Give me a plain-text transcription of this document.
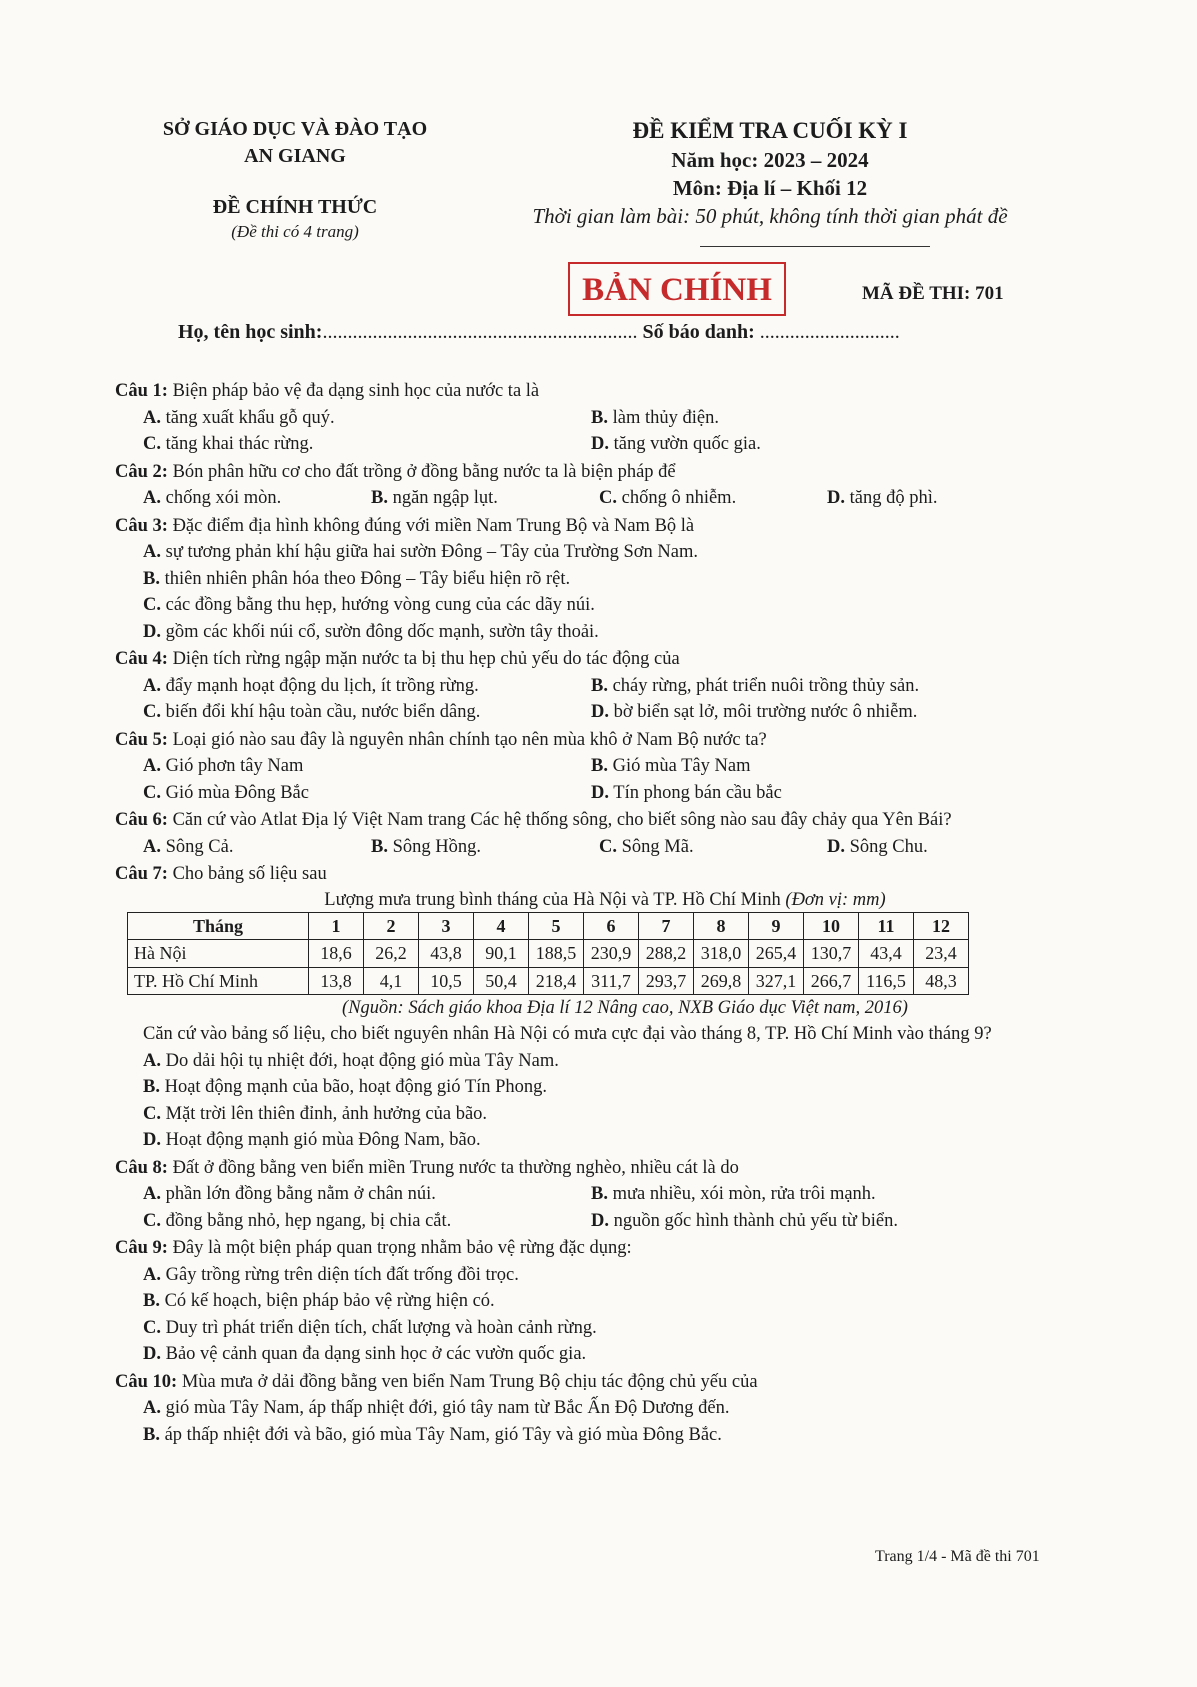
SỞ GIÁO DỤC VÀ ĐÀO TẠO
AN GIANG
ĐỀ CHÍNH THỨC
(Đề thi có 4 trang)
ĐỀ KIỂM TRA CUỐI KỲ I
Năm học: 2023 – 2024
Môn: Địa lí – Khối 12
Thời gian làm bài: 50 phút, không tính thời gian phát đề
BẢN CHÍNH	MÃ ĐỀ THI: 701
Họ, tên học sinh:............................................................... Số báo danh: ............................
Câu 1: Biện pháp bảo vệ đa dạng sinh học của nước ta là
A. tăng xuất khẩu gỗ quý.	B. làm thủy điện.
C. tăng khai thác rừng.	D. tăng vườn quốc gia.
Câu 2: Bón phân hữu cơ cho đất trồng ở đồng bằng nước ta là biện pháp để
A. chống xói mòn.	B. ngăn ngập lụt.	C. chống ô nhiễm.	D. tăng độ phì.
Câu 3: Đặc điểm địa hình không đúng với miền Nam Trung Bộ và Nam Bộ là
A. sự tương phản khí hậu giữa hai sườn Đông – Tây của Trường Sơn Nam.
B. thiên nhiên phân hóa theo Đông – Tây biểu hiện rõ rệt.
C. các đồng bằng thu hẹp, hướng vòng cung của các dãy núi.
D. gồm các khối núi cổ, sườn đông dốc mạnh, sườn tây thoải.
Câu 4: Diện tích rừng ngập mặn nước ta bị thu hẹp chủ yếu do tác động của
A. đẩy mạnh hoạt động du lịch, ít trồng rừng.	B. cháy rừng, phát triển nuôi trồng thủy sản.
C. biến đổi khí hậu toàn cầu, nước biển dâng.	D. bờ biển sạt lở, môi trường nước ô nhiễm.
Câu 5: Loại gió nào sau đây là nguyên nhân chính tạo nên mùa khô ở Nam Bộ nước ta?
A. Gió phơn tây Nam	B. Gió mùa Tây Nam
C. Gió mùa Đông Bắc	D. Tín phong bán cầu bắc
Câu 6: Căn cứ vào Atlat Địa lý Việt Nam trang Các hệ thống sông, cho biết sông nào sau đây chảy qua Yên Bái?
A. Sông Cả.	B. Sông Hồng.	C. Sông Mã.	D. Sông Chu.
Câu 7: Cho bảng số liệu sau
Lượng mưa trung bình tháng của Hà Nội và TP. Hồ Chí Minh (Đơn vị: mm)
Tháng	1	2	3	4	5	6	7	8	9	10	11	12
Hà Nội	18,6	26,2	43,8	90,1	188,5	230,9	288,2	318,0	265,4	130,7	43,4	23,4
TP. Hồ Chí Minh	13,8	4,1	10,5	50,4	218,4	311,7	293,7	269,8	327,1	266,7	116,5	48,3
(Nguồn: Sách giáo khoa Địa lí 12 Nâng cao, NXB Giáo dục Việt nam, 2016)
Căn cứ vào bảng số liệu, cho biết nguyên nhân Hà Nội có mưa cực đại vào tháng 8, TP. Hồ Chí Minh vào tháng 9?
A. Do dải hội tụ nhiệt đới, hoạt động gió mùa Tây Nam.
B. Hoạt động mạnh của bão, hoạt động gió Tín Phong.
C. Mặt trời lên thiên đỉnh, ảnh hưởng của bão.
D. Hoạt động mạnh gió mùa Đông Nam, bão.
Câu 8: Đất ở đồng bằng ven biển miền Trung nước ta thường nghèo, nhiều cát là do
A. phần lớn đồng bằng nằm ở chân núi.	B. mưa nhiều, xói mòn, rửa trôi mạnh.
C. đồng bằng nhỏ, hẹp ngang, bị chia cắt.	D. nguồn gốc hình thành chủ yếu từ biển.
Câu 9: Đây là một biện pháp quan trọng nhằm bảo vệ rừng đặc dụng:
A. Gây trồng rừng trên diện tích đất trống đồi trọc.
B. Có kế hoạch, biện pháp bảo vệ rừng hiện có.
C. Duy trì phát triển diện tích, chất lượng và hoàn cảnh rừng.
D. Bảo vệ cảnh quan đa dạng sinh học ở các vườn quốc gia.
Câu 10: Mùa mưa ở dải đồng bằng ven biển Nam Trung Bộ chịu tác động chủ yếu của
A. gió mùa Tây Nam, áp thấp nhiệt đới, gió tây nam từ Bắc Ấn Độ Dương đến.
B. áp thấp nhiệt đới và bão, gió mùa Tây Nam, gió Tây và gió mùa Đông Bắc.
Trang 1/4 - Mã đề thi 701
